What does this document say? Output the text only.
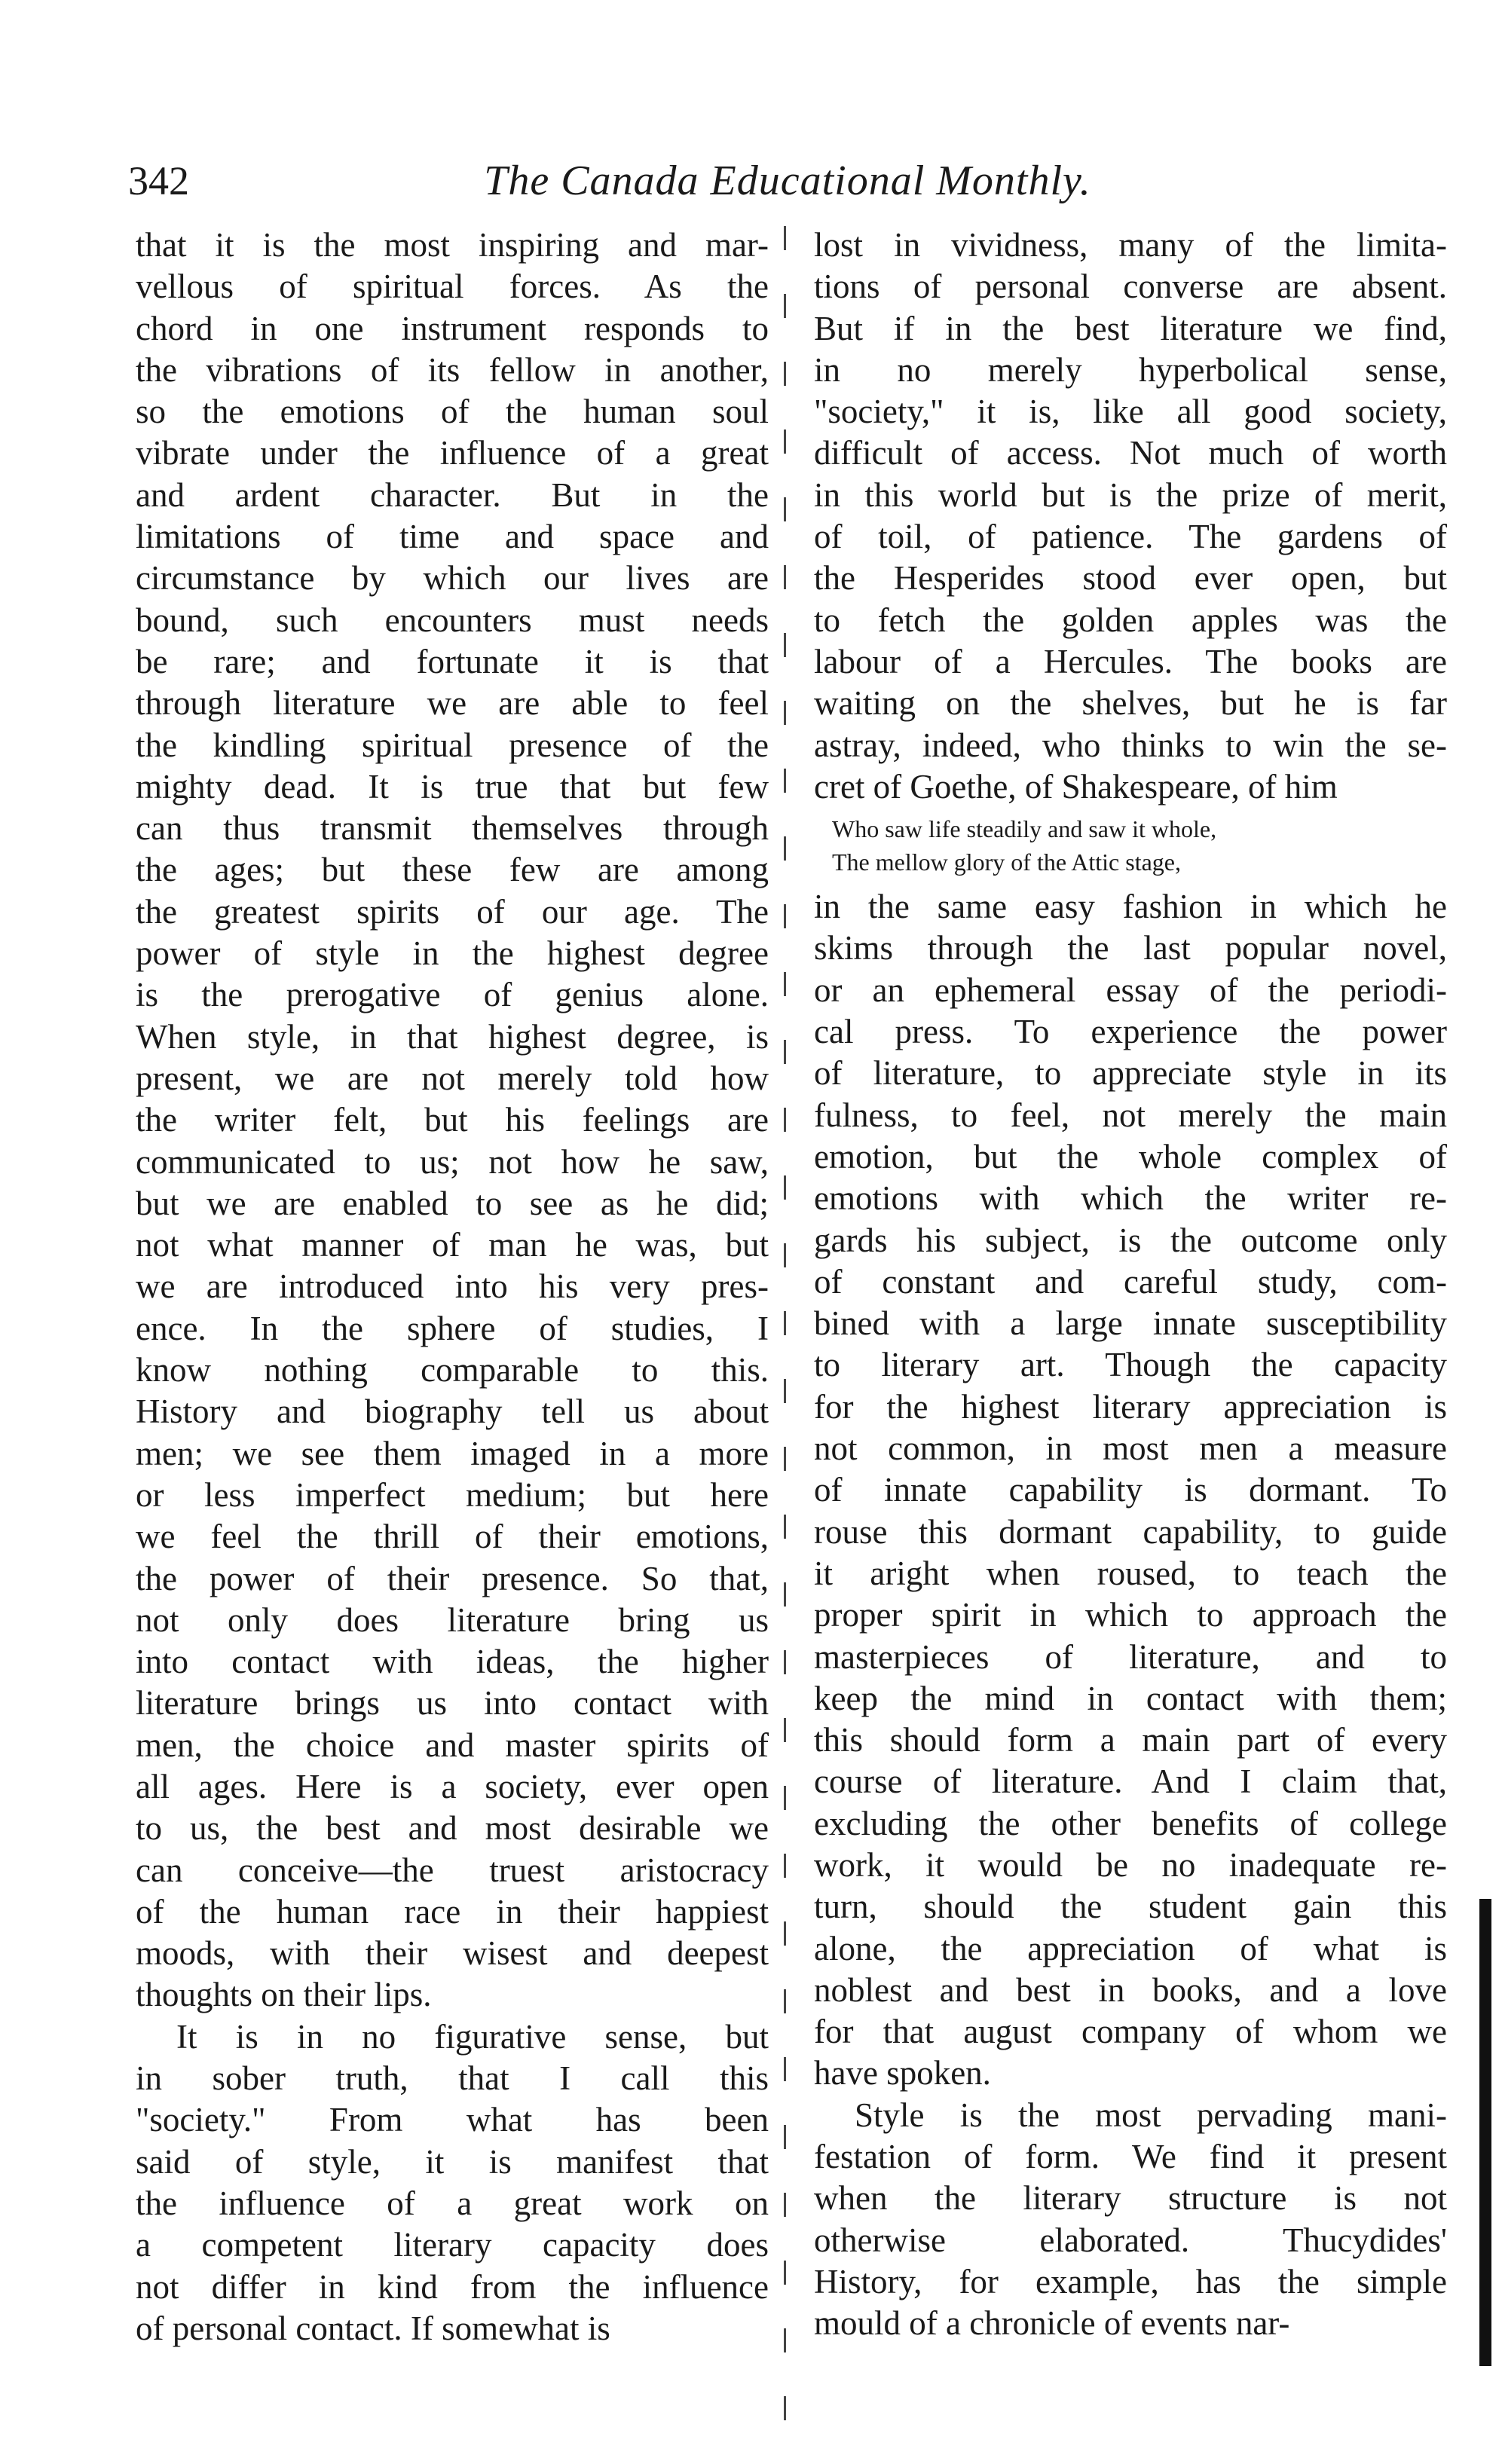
342	The Canada Educational Monthly.
that it is the most inspiring and mar-
vellous of spiritual forces. As the
chord in one instrument responds to
the vibrations of its fellow in another,
so the emotions of the human soul
vibrate under the influence of a great
and ardent character. But in the
limitations of time and space and
circumstance by which our lives are
bound, such encounters must needs
be rare; and fortunate it is that
through literature we are able to feel
the kindling spiritual presence of the
mighty dead. It is true that but few
can thus transmit themselves through
the ages; but these few are among
the greatest spirits of our age. The
power of style in the highest degree
is the prerogative of genius alone.
When style, in that highest degree, is
present, we are not merely told how
the writer felt, but his feelings are
communicated to us; not how he saw,
but we are enabled to see as he did;
not what manner of man he was, but
we are introduced into his very pres-
ence. In the sphere of studies, I
know nothing comparable to this.
History and biography tell us about
men; we see them imaged in a more
or less imperfect medium; but here
we feel the thrill of their emotions,
the power of their presence. So that,
not only does literature bring us
into contact with ideas, the higher
literature brings us into contact with
men, the choice and master spirits of
all ages. Here is a society, ever open
to us, the best and most desirable we
can conceive—the truest aristocracy
of the human race in their happiest
moods, with their wisest and deepest
thoughts on their lips.
It is in no figurative sense, but
in sober truth, that I call this
"society." From what has been
said of style, it is manifest that
the influence of a great work on
a competent literary capacity does
not differ in kind from the influence
of personal contact. If somewhat is
lost in vividness, many of the limita-
tions of personal converse are absent.
But if in the best literature we find,
in no merely hyperbolical sense,
"society," it is, like all good society,
difficult of access. Not much of worth
in this world but is the prize of merit,
of toil, of patience. The gardens of
the Hesperides stood ever open, but
to fetch the golden apples was the
labour of a Hercules. The books are
waiting on the shelves, but he is far
astray, indeed, who thinks to win the se-
cret of Goethe, of Shakespeare, of him
Who saw life steadily and saw it whole,
The mellow glory of the Attic stage,
in the same easy fashion in which he
skims through the last popular novel,
or an ephemeral essay of the periodi-
cal press. To experience the power
of literature, to appreciate style in its
fulness, to feel, not merely the main
emotion, but the whole complex of
emotions with which the writer re-
gards his subject, is the outcome only
of constant and careful study, com-
bined with a large innate susceptibility
to literary art. Though the capacity
for the highest literary appreciation is
not common, in most men a measure
of innate capability is dormant. To
rouse this dormant capability, to guide
it aright when roused, to teach the
proper spirit in which to approach the
masterpieces of literature, and to
keep the mind in contact with them;
this should form a main part of every
course of literature. And I claim that,
excluding the other benefits of college
work, it would be no inadequate re-
turn, should the student gain this
alone, the appreciation of what is
noblest and best in books, and a love
for that august company of whom we
have spoken.
Style is the most pervading mani-
festation of form. We find it present
when the literary structure is not
otherwise elaborated. Thucydides'
History, for example, has the simple
mould of a chronicle of events nar-
